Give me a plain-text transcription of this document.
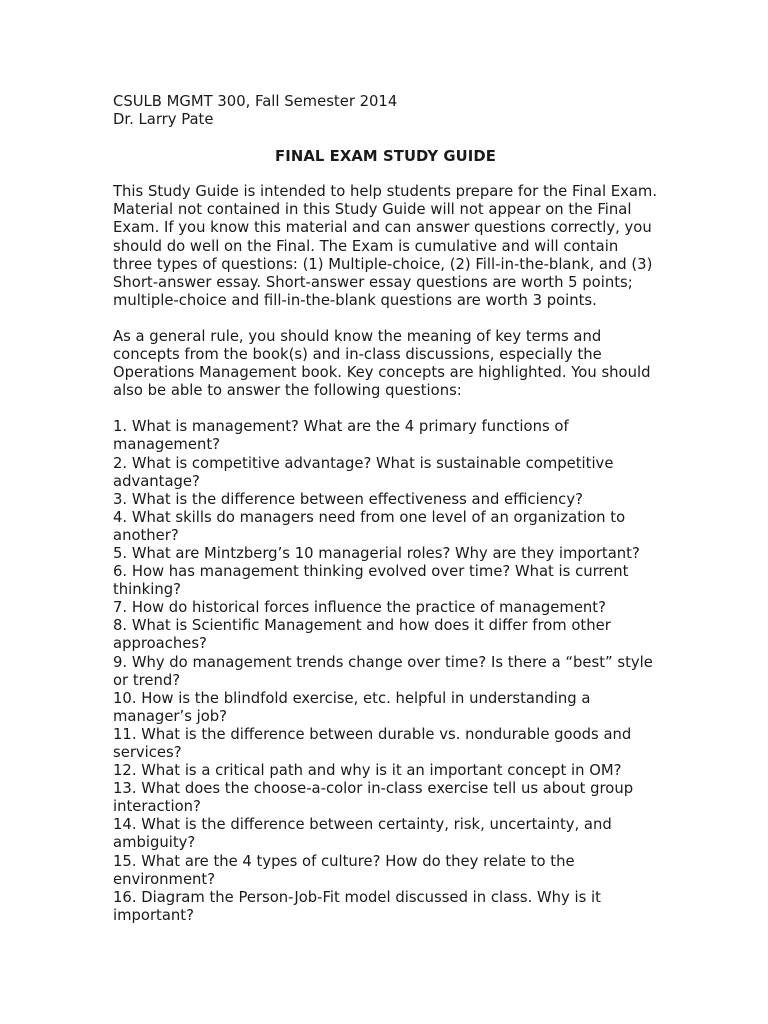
CSULB MGMT 300, Fall Semester 2014
Dr. Larry Pate
FINAL EXAM STUDY GUIDE

This Study Guide is intended to help students prepare for the Final Exam. Material not contained in this Study Guide will not appear on the Final Exam. If you know this material and can answer questions correctly, you should do well on the Final. The Exam is cumulative and will contain three types of questions: (1) Multiple-choice, (2) Fill-in-the-blank, and (3) Short-answer essay. Short-answer essay questions are worth 5 points; multiple-choice and fill-in-the-blank questions are worth 3 points.

As a general rule, you should know the meaning of key terms and concepts from the book(s) and in-class discussions, especially the Operations Management book. Key concepts are highlighted. You should also be able to answer the following questions:

1. What is management? What are the 4 primary functions of management?
2. What is competitive advantage? What is sustainable competitive advantage?
3. What is the difference between effectiveness and efficiency?
4. What skills do managers need from one level of an organization to another?
5. What are Mintzberg’s 10 managerial roles? Why are they important?
6. How has management thinking evolved over time? What is current thinking?
7. How do historical forces influence the practice of management?
8. What is Scientific Management and how does it differ from other approaches?
9. Why do management trends change over time? Is there a “best” style or trend?
10. How is the blindfold exercise, etc. helpful in understanding a manager’s job?
11. What is the difference between durable vs. nondurable goods and services?
12. What is a critical path and why is it an important concept in OM?
13. What does the choose-a-color in-class exercise tell us about group interaction?
14. What is the difference between certainty, risk, uncertainty, and ambiguity?
15. What are the 4 types of culture? How do they relate to the environment?
16. Diagram the Person-Job-Fit model discussed in class. Why is it important?
